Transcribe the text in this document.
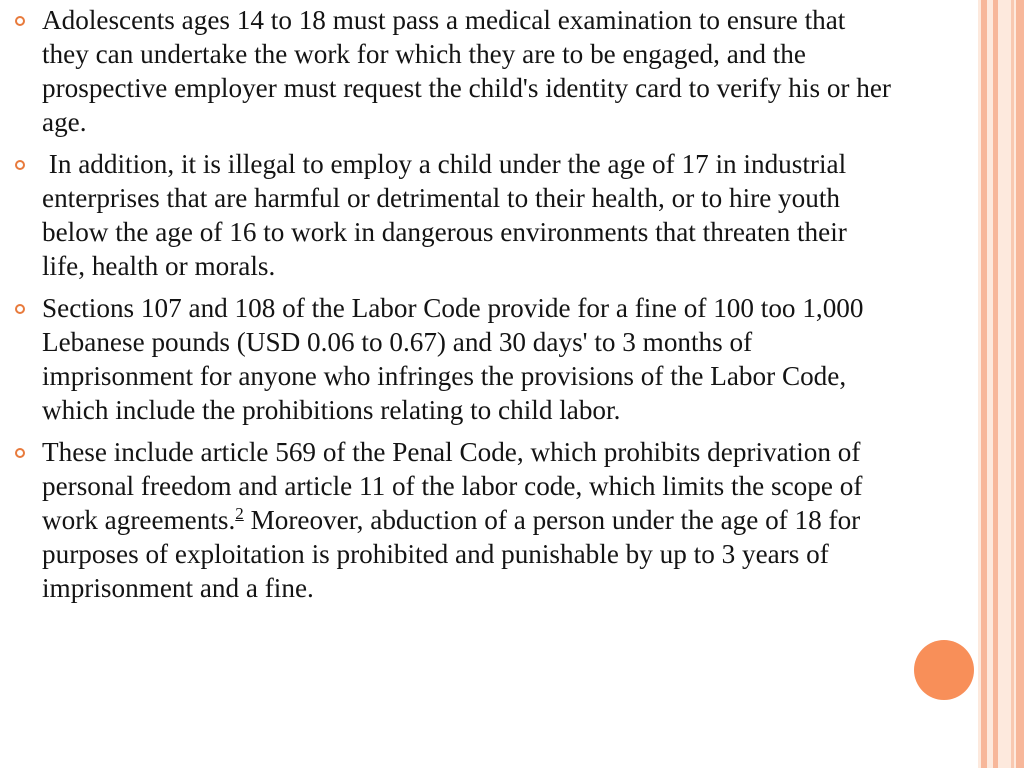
Adolescents ages 14 to 18 must pass a medical examination to ensure that they can undertake the work for which they are to be engaged, and the prospective employer must request the child's identity card to verify his or her age.
In addition, it is illegal to employ a child under the age of 17 in industrial enterprises that are harmful or detrimental to their health, or to hire youth below the age of 16 to work in dangerous environments that threaten their life, health or morals.
Sections 107 and 108 of the Labor Code provide for a fine of 100 too 1,000 Lebanese pounds (USD 0.06 to 0.67) and 30 days' to 3 months of imprisonment for anyone who infringes the provisions of the Labor Code, which include the prohibitions relating to child labor.
These include article 569 of the Penal Code, which prohibits deprivation of personal freedom and article 11 of the labor code, which limits the scope of work agreements.$^2$ Moreover, abduction of a person under the age of 18 for purposes of exploitation is prohibited and punishable by up to 3 years of imprisonment and a fine.
